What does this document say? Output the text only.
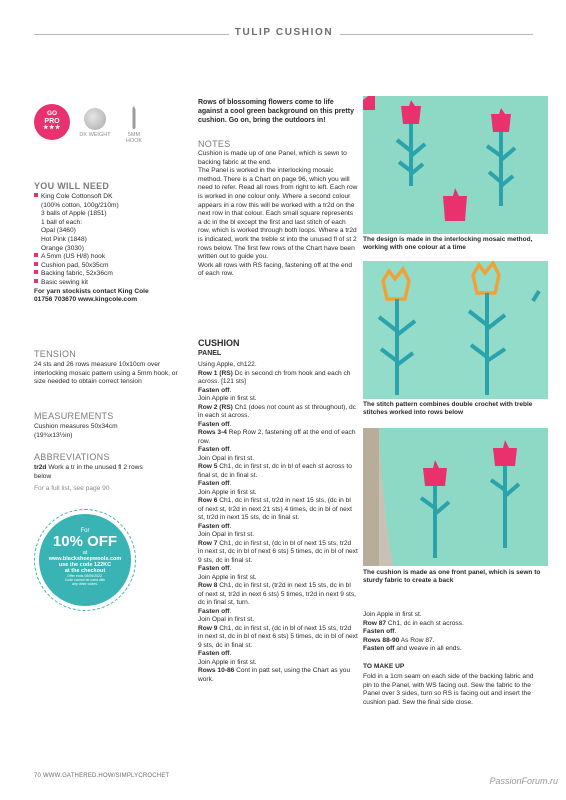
TULIP CUSHION
GO
PRO
★★★
DK WEIGHT	5MM HOOK
YOU WILL NEED
King Cole Cottonsoft DK
(100% cotton, 100g/210m)
3 balls of Apple (1851)
1 ball of each:
Opal (3460)
Hot Pink (1848)
Orange (3030)
A 5mm (US H/8) hook
Cushion pad, 50x35cm
Backing fabric, 52x36cm
Basic sewing kit
For yarn stockists contact King Cole 01756 703670 www.kingcole.com
TENSION
24 sts and 26 rows measure 10x10cm over interlocking mosaic pattern using a 5mm hook, or size needed to obtain correct tension
MEASUREMENTS
Cushion measures 50x34cm (19¾x13½in)
ABBREVIATIONS
tr2d Work a tr in the unused fl 2 rows below
For a full list, see page 90
For
10% OFF
at
www.blacksheepwools.com
use the code 122KC
at the checkout
Offer ends 08/06/2022.
Code cannot be used with
any other codes.
Rows of blossoming flowers come to life against a cool green background on this pretty cushion. Go on, bring the outdoors in!
NOTES
Cushion is made up of one Panel, which is sewn to backing fabric at the end.
The Panel is worked in the interlocking mosaic method. There is a Chart on page 96, which you will need to refer. Read all rows from right to left. Each row is worked in one colour only. Where a second colour appears in a row this will be worked with a tr2d on the next row in that colour. Each small square represents a dc in the bl except the first and last stitch of each row, which is worked through both loops. Where a tr2d is indicated, work the treble st into the unused fl of st 2 rows below. The first few rows of the Chart have been written out to guide you.
Work all rows with RS facing, fastening off at the end of each row.
CUSHION
PANEL
Using Apple, ch122.
Row 1 (RS) Dc in second ch from hook and each ch across. [121 sts]
Fasten off.
Join Apple in first st.
Row 2 (RS) Ch1 (does not count as st throughout), dc in each st across.
Fasten off.
Rows 3-4 Rep Row 2, fastening off at the end of each row.
Fasten off.
Join Opal in first st.
Row 5 Ch1, dc in first st, dc in bl of each st across to final st, dc in final st.
Fasten off.
Join Apple in first st.
Row 6 Ch1, dc in first st, tr2d in next 15 sts, (dc in bl of next st, tr2d in next 21 sts) 4 times, dc in bl of next st, tr2d in next 15 sts, dc in final st.
Fasten off.
Join Opal in first st.
Row 7 Ch1, dc in first st, (dc in bl of next 15 sts, tr2d in next st, dc in bl of next 6 sts) 5 times, dc in bl of next 9 sts, dc in final st.
Fasten off.
Join Apple in first st.
Row 8 Ch1, dc in first st, (tr2d in next 15 sts, dc in bl of next st, tr2d in next 6 sts) 5 times, tr2d in next 9 sts, dc in final st, turn.
Fasten off.
Join Opal in first st.
Row 9 Ch1, dc in first st, (dc in bl of next 15 sts, tr2d in next st, dc in bl of next 6 sts) 5 times, dc in bl of next 9 sts, dc in final st.
Fasten off.
Join Apple in first st.
Rows 10-86 Cont in patt set, using the Chart as you work.
The design is made in the interlocking mosaic method, working with one colour at a time
The stitch pattern combines double crochet with treble stitches worked into rows below
The cushion is made as one front panel, which is sewn to sturdy fabric to create a back
Join Apple in first st.
Row 87 Ch1, dc in each st across.
Fasten off.
Rows 88-90 As Row 87.
Fasten off and weave in all ends.
TO MAKE UP
Fold in a 1cm seam on each side of the backing fabric and pin to the Panel, with WS facing out. Sew the fabric to the Panel over 3 sides, turn so RS is facing out and insert the cushion pad. Sew the final side close.
70 WWW.GATHERED.HOW/SIMPLYCROCHET	PassionForum.ru
